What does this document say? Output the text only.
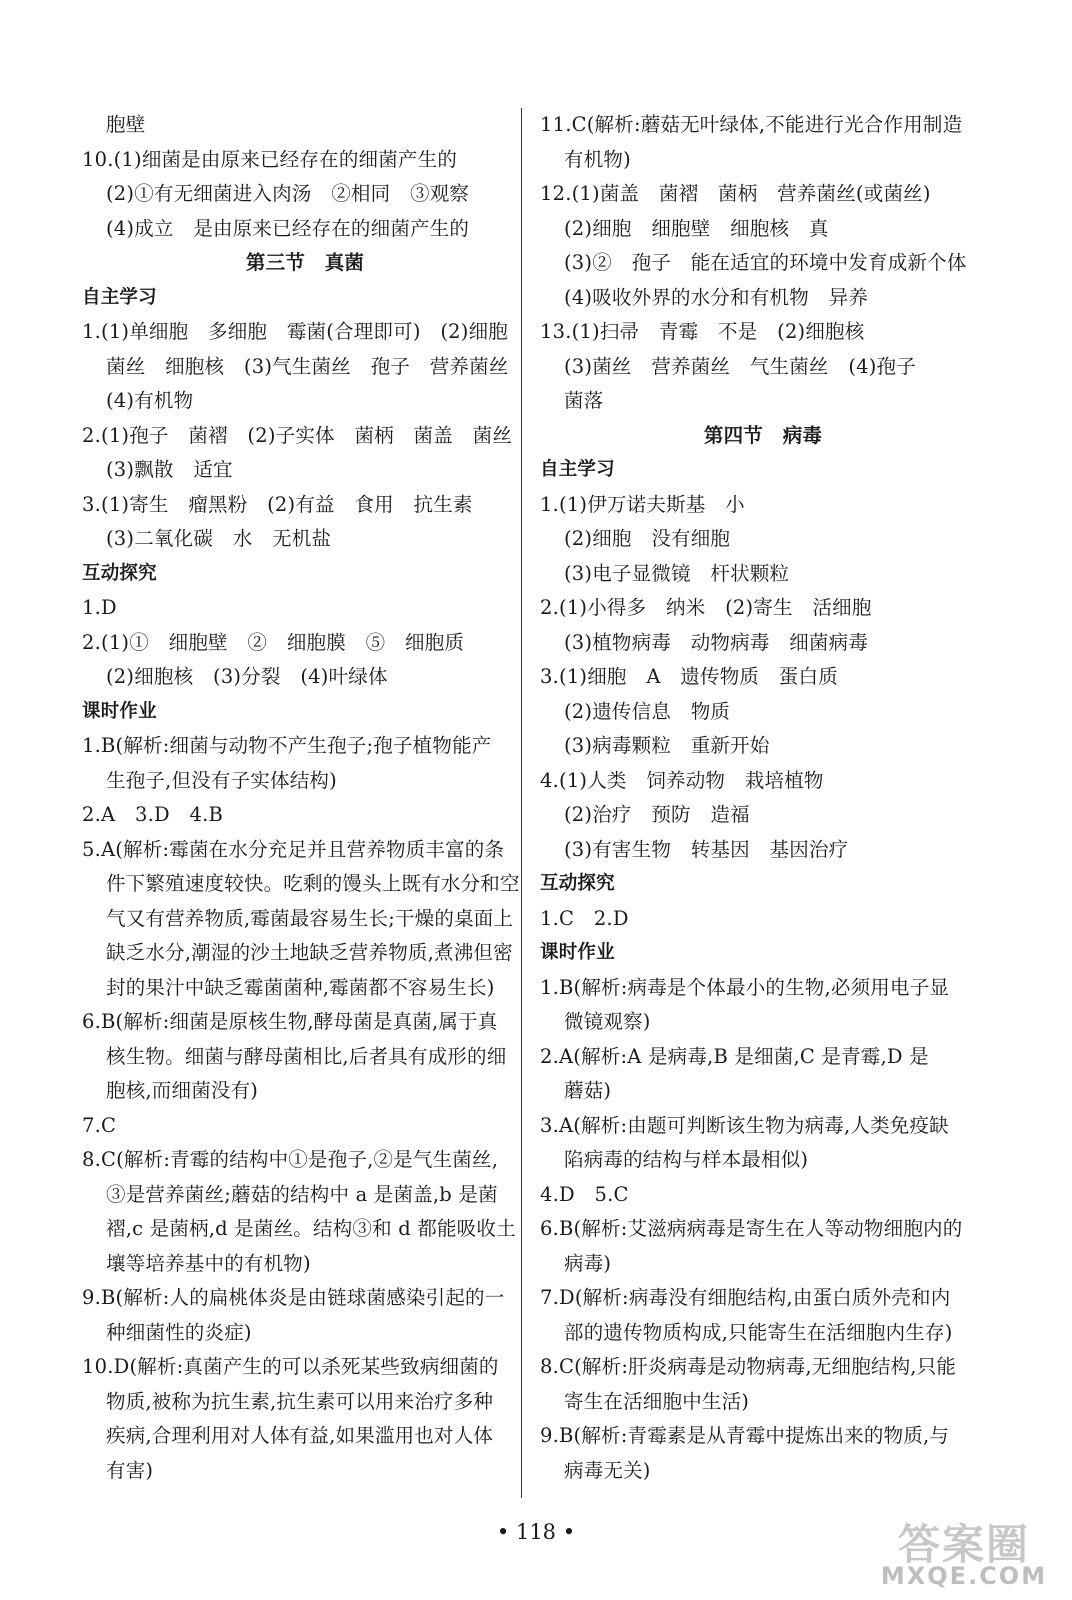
胞壁
10.(1)细菌是由原来已经存在的细菌产生的
(2)①有无细菌进入肉汤　②相同　③观察
(4)成立　是由原来已经存在的细菌产生的
第三节　真菌
自主学习
1.(1)单细胞　多细胞　霉菌(合理即可)　(2)细胞
菌丝　细胞核　(3)气生菌丝　孢子　营养菌丝
(4)有机物
2.(1)孢子　菌褶　(2)子实体　菌柄　菌盖　菌丝
(3)飘散　适宜
3.(1)寄生　瘤黑粉　(2)有益　食用　抗生素
(3)二氧化碳　水　无机盐
互动探究
1.D
2.(1)①　细胞壁　②　细胞膜　⑤　细胞质
(2)细胞核　(3)分裂　(4)叶绿体
课时作业
1.B(解析:细菌与动物不产生孢子;孢子植物能产
生孢子,但没有子实体结构)
2.A　3.D　4.B
5.A(解析:霉菌在水分充足并且营养物质丰富的条
件下繁殖速度较快。吃剩的馒头上既有水分和空
气又有营养物质,霉菌最容易生长;干燥的桌面上
缺乏水分,潮湿的沙土地缺乏营养物质,煮沸但密
封的果汁中缺乏霉菌菌种,霉菌都不容易生长)
6.B(解析:细菌是原核生物,酵母菌是真菌,属于真
核生物。细菌与酵母菌相比,后者具有成形的细
胞核,而细菌没有)
7.C
8.C(解析:青霉的结构中①是孢子,②是气生菌丝,
③是营养菌丝;蘑菇的结构中 a 是菌盖,b 是菌
褶,c 是菌柄,d 是菌丝。结构③和 d 都能吸收土
壤等培养基中的有机物)
9.B(解析:人的扁桃体炎是由链球菌感染引起的一
种细菌性的炎症)
10.D(解析:真菌产生的可以杀死某些致病细菌的
物质,被称为抗生素,抗生素可以用来治疗多种
疾病,合理利用对人体有益,如果滥用也对人体
有害)
11.C(解析:蘑菇无叶绿体,不能进行光合作用制造
有机物)
12.(1)菌盖　菌褶　菌柄　营养菌丝(或菌丝)
(2)细胞　细胞壁　细胞核　真
(3)②　孢子　能在适宜的环境中发育成新个体
(4)吸收外界的水分和有机物　异养
13.(1)扫帚　青霉　不是　(2)细胞核
(3)菌丝　营养菌丝　气生菌丝　(4)孢子
菌落
第四节　病毒
自主学习
1.(1)伊万诺夫斯基　小
(2)细胞　没有细胞
(3)电子显微镜　杆状颗粒
2.(1)小得多　纳米　(2)寄生　活细胞
(3)植物病毒　动物病毒　细菌病毒
3.(1)细胞　A　遗传物质　蛋白质
(2)遗传信息　物质
(3)病毒颗粒　重新开始
4.(1)人类　饲养动物　栽培植物
(2)治疗　预防　造福
(3)有害生物　转基因　基因治疗
互动探究
1.C　2.D
课时作业
1.B(解析:病毒是个体最小的生物,必须用电子显
微镜观察)
2.A(解析:A 是病毒,B 是细菌,C 是青霉,D 是
蘑菇)
3.A(解析:由题可判断该生物为病毒,人类免疫缺
陷病毒的结构与样本最相似)
4.D　5.C
6.B(解析:艾滋病病毒是寄生在人等动物细胞内的
病毒)
7.D(解析:病毒没有细胞结构,由蛋白质外壳和内
部的遗传物质构成,只能寄生在活细胞内生存)
8.C(解析:肝炎病毒是动物病毒,无细胞结构,只能
寄生在活细胞中生活)
9.B(解析:青霉素是从青霉中提炼出来的物质,与
病毒无关)
• 118 •	答案圈
MXQE.COM
